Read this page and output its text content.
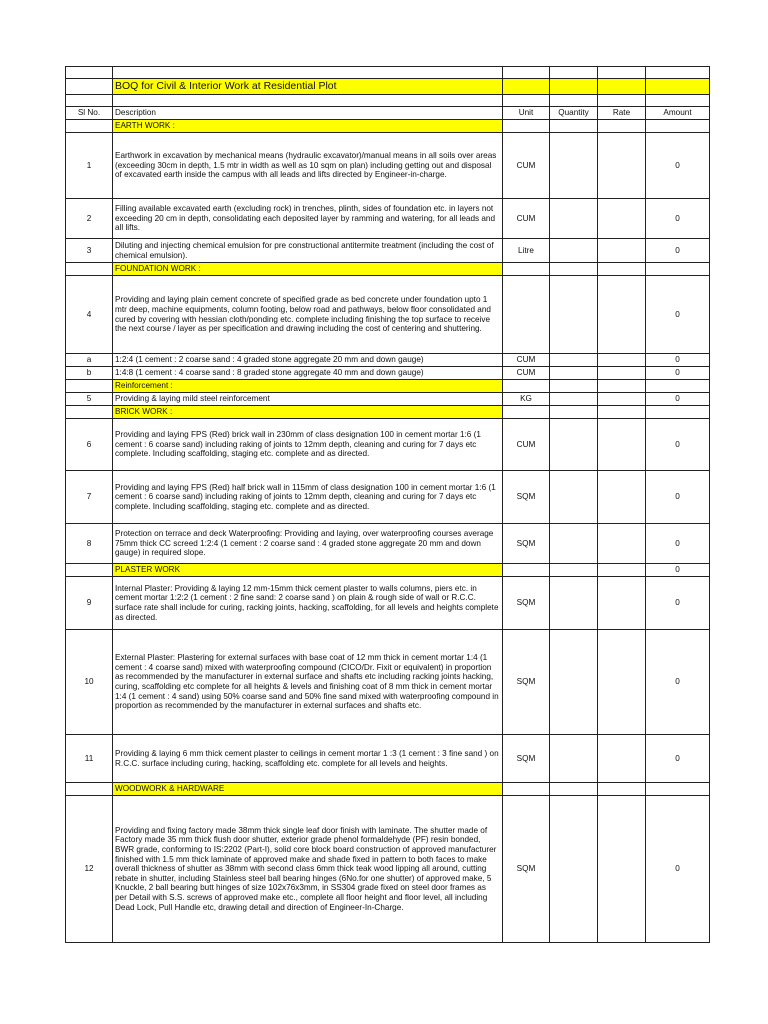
	BOQ for Civil & Interior Work at Residential Plot				

Sl No.	Description	Unit	Quantity	Rate	Amount
	EARTH WORK :				
1	Earthwork in excavation by mechanical means (hydraulic excavator)/manual means in all soils over areas (exceeding 30cm in depth, 1.5 mtr in width as well as 10 sqm on plan) including getting out and disposal of excavated earth inside the campus with all leads and lifts directed by Engineer-in-charge.	CUM			0
2	Filling available excavated earth (excluding rock) in trenches, plinth, sides of foundation etc. in layers not exceeding 20 cm in depth, consolidating each deposited layer by ramming and watering, for all leads and all lifts.	CUM			0
3	Diluting and injecting chemical emulsion for pre constructional antitermite treatment (including the cost of chemical emulsion).	Litre			0
	FOUNDATION WORK :				
4	Providing and laying plain cement concrete of specified grade as bed concrete under foundation upto 1 mtr deep, machine equipments, column footing, below road and pathways, below floor consolidated and cured by covering with hessian cloth/ponding etc. complete including finishing the top surface to receive the next course / layer as per specification and drawing including the cost of centering and shuttering.				0
a	1:2:4 (1 cement : 2 coarse sand : 4 graded stone aggregate 20 mm and down gauge)	CUM			0
b	1:4:8 (1 cement : 4 coarse sand : 8 graded stone aggregate 40 mm and down gauge)	CUM			0
	Reinforcement :				
5	Providing & laying mild steel reinforcement	KG			0
	BRICK WORK :				
6	Providing and laying FPS (Red) brick wall in 230mm of class designation 100 in cement mortar 1:6 (1 cement : 6 coarse sand) including raking of joints to 12mm depth, cleaning and curing for 7 days etc complete. Including scaffolding, staging etc. complete and as directed.	CUM			0
7	Providing and laying FPS (Red) half brick wall in 115mm of class designation 100 in cement mortar 1:6 (1 cement : 6 coarse sand) including raking of joints to 12mm depth, cleaning and curing for 7 days etc complete. Including scaffolding, staging etc. complete and as directed.	SQM			0
8	Protection on terrace and deck Waterproofing: Providing and laying, over waterproofing courses average 75mm thick CC screed 1:2:4 (1 cement : 2 coarse sand : 4 graded stone aggregate 20 mm and down gauge) in required slope.	SQM			0
	PLASTER WORK				0
9	Internal Plaster: Providing & laying 12 mm-15mm thick cement plaster to walls columns, piers etc. in cement mortar 1:2:2 (1 cement : 2 fine sand: 2 coarse sand ) on plain & rough side of wall or R.C.C. surface rate shall include for curing, racking joints, hacking, scaffolding, for all levels and heights complete as directed.	SQM			0
10	External Plaster: Plastering for external surfaces with base coat of 12 mm thick in cement mortar 1:4 (1 cement : 4 coarse sand) mixed with waterproofing compound (CICO/Dr. Fixit or equivalent) in proportion as recommended by the manufacturer in external surface and shafts etc including racking joints hacking, curing, scaffolding etc complete for all heights & levels and finishing coat of 8 mm thick in cement mortar 1:4 (1 cement : 4 sand) using 50% coarse sand and 50% fine sand mixed with waterproofing compound in proportion as recommended by the manufacturer in external surfaces and shafts etc.	SQM			0
11	Providing & laying 6 mm thick cement plaster to ceilings in cement mortar 1 :3 (1 cement : 3 fine sand ) on R.C.C. surface including curing, hacking, scaffolding etc. complete for all levels and heights.	SQM			0
	WOODWORK & HARDWARE				
12	Providing and fixing factory made 38mm thick single leaf door finish with laminate. The shutter made of Factory made 35 mm thick flush door shutter, exterior grade phenol formaldehyde (PF) resin bonded, BWR grade, conforming to IS:2202 (Part-I), solid core block board construction of approved manufacturer finished with 1.5 mm thick laminate of approved make and shade fixed in pattern to both faces to make overall thickness of shutter as 38mm with second class 6mm thick teak wood lipping all around, cutting rebate in shutter, including Stainless steel ball bearing hinges (6No.for one shutter) of approved make, 5 Knuckle, 2 ball bearing butt hinges of size 102x76x3mm, in SS304 grade fixed on steel door frames as per Detail with S.S. screws of approved make etc., complete all floor height and floor level, all including Dead Lock, Pull Handle etc, drawing detail and direction of Engineer-In-Charge.	SQM			0
